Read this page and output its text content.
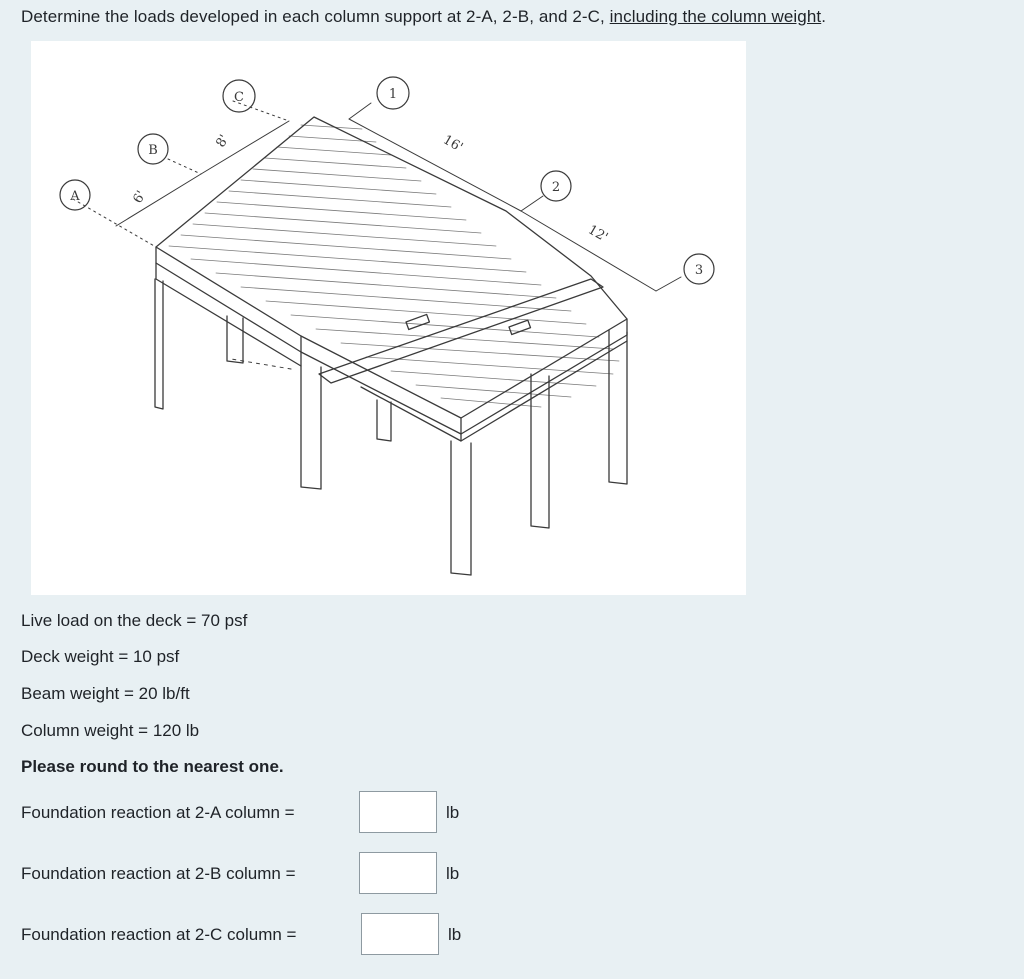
Determine the loads developed in each column support at 2-A, 2-B, and 2-C, including the column weight.
A
B
C	1
2
3
6'
8'	16'
12'
Live load on the deck = 70 psf
Deck weight = 10 psf
Beam weight = 20 lb/ft
Column weight = 120 lb
Please round to the nearest one.
Foundation reaction at 2-A column =	lb
Foundation reaction at 2-B column =	lb
Foundation reaction at 2-C column =	lb
